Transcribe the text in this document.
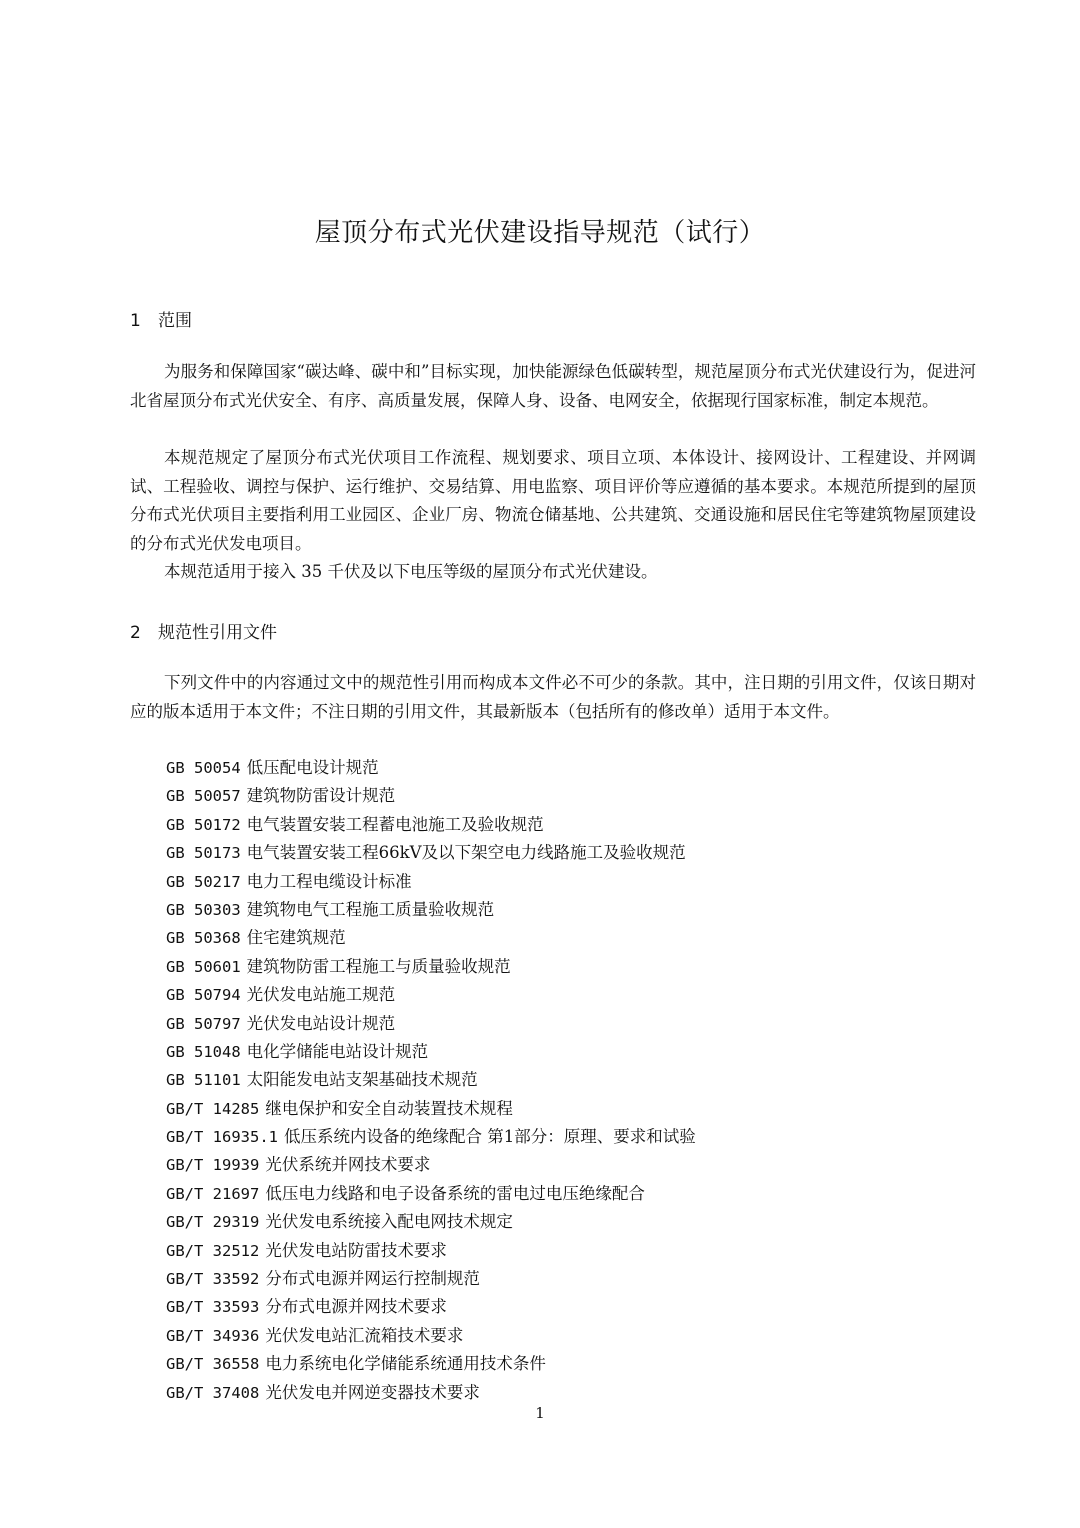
屋顶分布式光伏建设指导规范（试行）
1 范围

为服务和保障国家“碳达峰、碳中和”目标实现，加快能源绿色低碳转型，规范屋顶分布式光伏建设行为，促进河北省屋顶分布式光伏安全、有序、高质量发展，保障人身、设备、电网安全，依据现行国家标准，制定本规范。

本规范规定了屋顶分布式光伏项目工作流程、规划要求、项目立项、本体设计、接网设计、工程建设、并网调试、工程验收、调控与保护、运行维护、交易结算、用电监察、项目评价等应遵循的基本要求。本规范所提到的屋顶分布式光伏项目主要指利用工业园区、企业厂房、物流仓储基地、公共建筑、交通设施和居民住宅等建筑物屋顶建设的分布式光伏发电项目。

本规范适用于接入 35 千伏及以下电压等级的屋顶分布式光伏建设。

2 规范性引用文件

下列文件中的内容通过文中的规范性引用而构成本文件必不可少的条款。其中，注日期的引用文件，仅该日期对应的版本适用于本文件；不注日期的引用文件，其最新版本（包括所有的修改单）适用于本文件。

GB 50054 低压配电设计规范
GB 50057 建筑物防雷设计规范
GB 50172 电气装置安装工程蓄电池施工及验收规范
GB 50173 电气装置安装工程66kV及以下架空电力线路施工及验收规范
GB 50217 电力工程电缆设计标准
GB 50303 建筑物电气工程施工质量验收规范
GB 50368 住宅建筑规范
GB 50601 建筑物防雷工程施工与质量验收规范
GB 50794 光伏发电站施工规范
GB 50797 光伏发电站设计规范
GB 51048 电化学储能电站设计规范
GB 51101 太阳能发电站支架基础技术规范
GB/T 14285 继电保护和安全自动装置技术规程
GB/T 16935.1 低压系统内设备的绝缘配合 第1部分：原理、要求和试验
GB/T 19939 光伏系统并网技术要求
GB/T 21697 低压电力线路和电子设备系统的雷电过电压绝缘配合
GB/T 29319 光伏发电系统接入配电网技术规定
GB/T 32512 光伏发电站防雷技术要求
GB/T 33592 分布式电源并网运行控制规范
GB/T 33593 分布式电源并网技术要求
GB/T 34936 光伏发电站汇流箱技术要求
GB/T 36558 电力系统电化学储能系统通用技术条件
GB/T 37408 光伏发电并网逆变器技术要求
1
